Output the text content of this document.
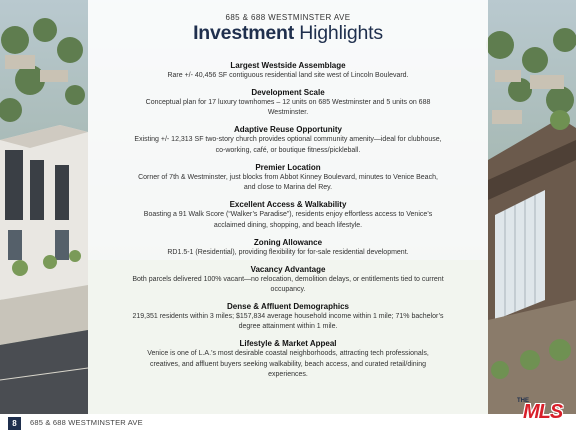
685 & 688 WESTMINSTER AVE
Investment Highlights
Largest Westside Assemblage

Rare +/- 40,456 SF contiguous residential land site west of Lincoln Boulevard.

Development Scale

Conceptual plan for 17 luxury townhomes – 12 units on 685 Westminster and 5 units on 688 Westminster.

Adaptive Reuse Opportunity

Existing +/- 12,313 SF two-story church provides optional community amenity—ideal for clubhouse, co-working, café, or boutique fitness/pickleball.

Premier Location

Corner of 7th & Westminster, just blocks from Abbot Kinney Boulevard, minutes to Venice Beach, and close to Marina del Rey.

Excellent Access & Walkability

Boasting a 91 Walk Score (“Walker’s Paradise”), residents enjoy effortless access to Venice’s acclaimed dining, shopping, and beach lifestyle.

Zoning Allowance

RD1.5-1 (Residential), providing flexibility for for-sale residential development.

Vacancy Advantage

Both parcels delivered 100% vacant—no relocation, demolition delays, or entitlements tied to current occupancy.

Dense & Affluent Demographics

219,351 residents within 3 miles; $157,834 average household income within 1 mile; 71% bachelor’s degree attainment within 1 mile.

Lifestyle & Market Appeal

Venice is one of L.A.’s most desirable coastal neighborhoods, attracting tech professionals, creatives, and affluent buyers seeking walkability, beach access, and curated retail/dining experiences.

8	685 & 688 WESTMINSTER AVE
THE
MLS
